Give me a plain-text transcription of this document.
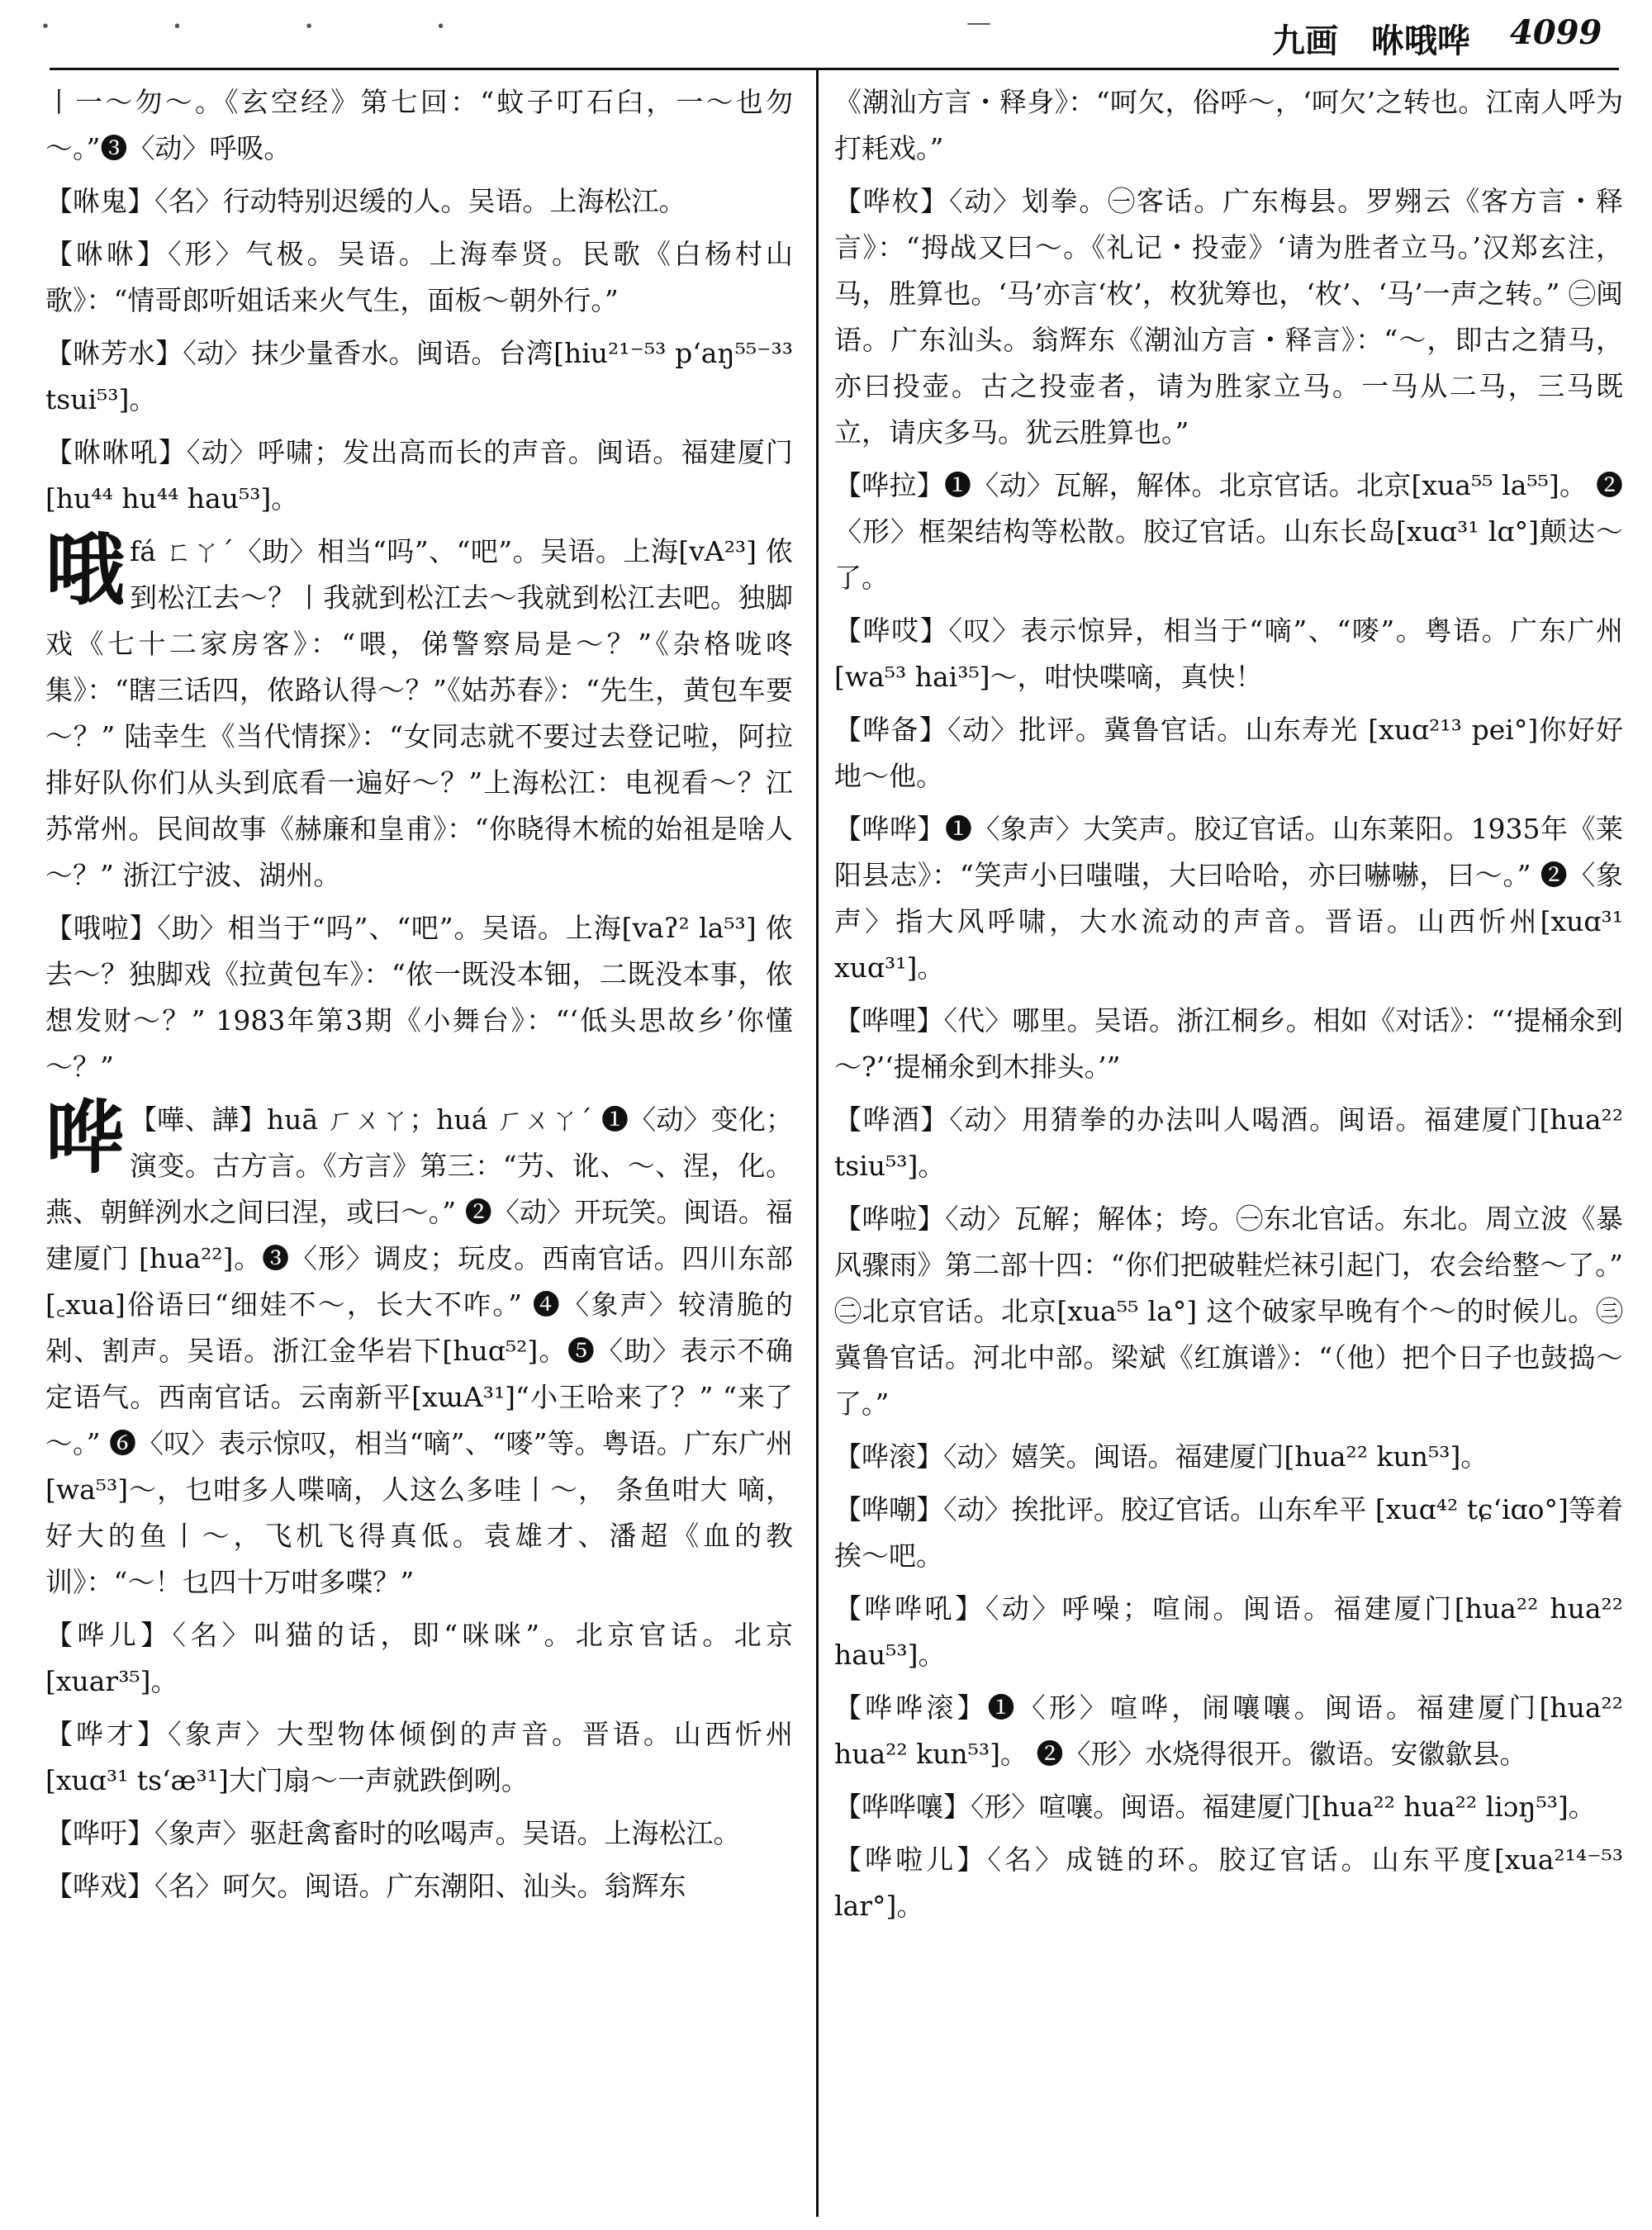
・ ・ ・ ・	—	九画 咻哦哗 4099

丨一～勿～。《玄空经》第七回：“蚊子叮石臼，一～也勿～。”❸〈动〉呼吸。

【咻鬼】〈名〉行动特别迟缓的人。吴语。上海松江。

【咻咻】〈形〉气极。吴语。上海奉贤。民歌《白杨村山歌》：“情哥郎听姐话来火气生，面板～朝外行。”

【咻芳水】〈动〉抹少量香水。闽语。台湾[hiu²¹⁻⁵³ pʻaŋ⁵⁵⁻³³ tsui⁵³]。

【咻咻吼】〈动〉呼啸；发出高而长的声音。闽语。福建厦门[hu⁴⁴ hu⁴⁴ hau⁵³]。

哦 fá ㄈㄚˊ〈助〉相当“吗”、“吧”。吴语。上海[vA²³] 侬到松江去～？丨我就到松江去～我就到松江去吧。独脚戏《七十二家房客》：“喂，俤警察局是～？”《杂格咙咚集》：“瞎三话四，侬路认得～？”《姑苏春》：“先生，黄包车要～？” 陆幸生《当代情探》：“女同志就不要过去登记啦，阿拉排好队你们从头到底看一遍好～？”上海松江：电视看～？江苏常州。民间故事《赫廉和皇甫》：“你晓得木梳的始祖是啥人～？” 浙江宁波、湖州。

【哦啦】〈助〉相当于“吗”、“吧”。吴语。上海[vaʔ² la⁵³] 侬去～？独脚戏《拉黄包车》：“侬一既没本钿，二既没本事，侬想发财～？” 1983年第3期《小舞台》：“‘低头思故乡’你懂～？”

哗 【嘩、譁】huā ㄏㄨㄚ；huá ㄏㄨㄚˊ ❶〈动〉变化；演变。古方言。《方言》第三：“芀、讹、～、涅，化。燕、朝鲜洌水之间曰涅，或曰～。” ❷〈动〉开玩笑。闽语。福建厦门 [hua²²]。❸〈形〉调皮；玩皮。西南官话。四川东部[꜀xua]俗语曰“细娃不～，长大不咋。” ❹〈象声〉较清脆的剁、割声。吴语。浙江金华岩下[huɑ⁵²]。❺〈助〉表示不确定语气。西南官话。云南新平[xɯA³¹]“小王哈来了？” “来了～。” ❻〈叹〉表示惊叹，相当“嘀”、“嘜”等。粤语。广东广州[wa⁵³]～，乜咁多人喋嘀，人这么多哇丨～， 条鱼咁大 嘀，好大的鱼丨～，飞机飞得真低。袁雄才、潘超《血的教训》：“～！乜四十万咁多喋？”

【哗儿】〈名〉叫猫的话，即“咪咪”。北京官话。北京[xuar³⁵]。

【哗才】〈象声〉大型物体倾倒的声音。晋语。山西忻州[xuɑ³¹ tsʻæ³¹]大门扇～一声就跌倒咧。

【哗吁】〈象声〉驱赶禽畜时的吆喝声。吴语。上海松江。

【哗戏】〈名〉呵欠。闽语。广东潮阳、汕头。翁辉东

《潮汕方言・释身》：“呵欠，俗呼～，‘呵欠’之转也。江南人呼为打耗戏。”

【哗枚】〈动〉划拳。㊀客话。广东梅县。罗翙云《客方言・释言》：“拇战又曰～。《礼记・投壶》‘请为胜者立马。’汉郑玄注，马，胜算也。‘马’亦言‘枚’，枚犹筹也，‘枚’、‘马’一声之转。” ㊁闽语。广东汕头。翁辉东《潮汕方言・释言》：“～，即古之猜马，亦曰投壶。古之投壶者，请为胜家立马。一马从二马，三马既立，请庆多马。犹云胜算也。”

【哗拉】❶〈动〉瓦解，解体。北京官话。北京[xua⁵⁵ la⁵⁵]。 ❷〈形〉框架结构等松散。胶辽官话。山东长岛[xuɑ³¹ lɑ°]颠达～了。

【哗哎】〈叹〉表示惊异，相当于“嘀”、“嘜”。粤语。广东广州[wa⁵³ hai³⁵]～，咁快喋嘀，真快！

【哗备】〈动〉批评。冀鲁官话。山东寿光 [xuɑ²¹³ pei°]你好好地～他。

【哗哗】❶〈象声〉大笑声。胶辽官话。山东莱阳。1935年《莱阳县志》：“笑声小曰嗤嗤，大曰哈哈，亦曰嚇嚇，曰～。” ❷〈象声〉指大风呼啸，大水流动的声音。晋语。山西忻州[xuɑ³¹ xuɑ³¹]。

【哗哩】〈代〉哪里。吴语。浙江桐乡。相如《对话》：“‘提桶氽到～?’‘提桶氽到木排头。’”

【哗酒】〈动〉用猜拳的办法叫人喝酒。闽语。福建厦门[hua²² tsiu⁵³]。

【哗啦】〈动〉瓦解；解体；垮。㊀东北官话。东北。周立波《暴风骤雨》第二部十四：“你们把破鞋烂袜引起门，农会给整～了。” ㊁北京官话。北京[xua⁵⁵ la°] 这个破家早晚有个～的时候儿。㊂冀鲁官话。河北中部。梁斌《红旗谱》：“（他）把个日子也鼓捣～了。”

【哗滚】〈动〉嬉笑。闽语。福建厦门[hua²² kun⁵³]。

【哗嘲】〈动〉挨批评。胶辽官话。山东牟平 [xuɑ⁴² tɕʻiɑo°]等着挨～吧。

【哗哗吼】〈动〉呼噪；喧闹。闽语。福建厦门[hua²² hua²² hau⁵³]。

【哗哗滚】❶〈形〉喧哗，闹嚷嚷。闽语。福建厦门[hua²² hua²² kun⁵³]。 ❷〈形〉水烧得很开。徽语。安徽歙县。

【哗哗嚷】〈形〉喧嚷。闽语。福建厦门[hua²² hua²² liɔŋ⁵³]。

【哗啦儿】〈名〉成链的环。胶辽官话。山东平度[xua²¹⁴⁻⁵³ lar°]。
